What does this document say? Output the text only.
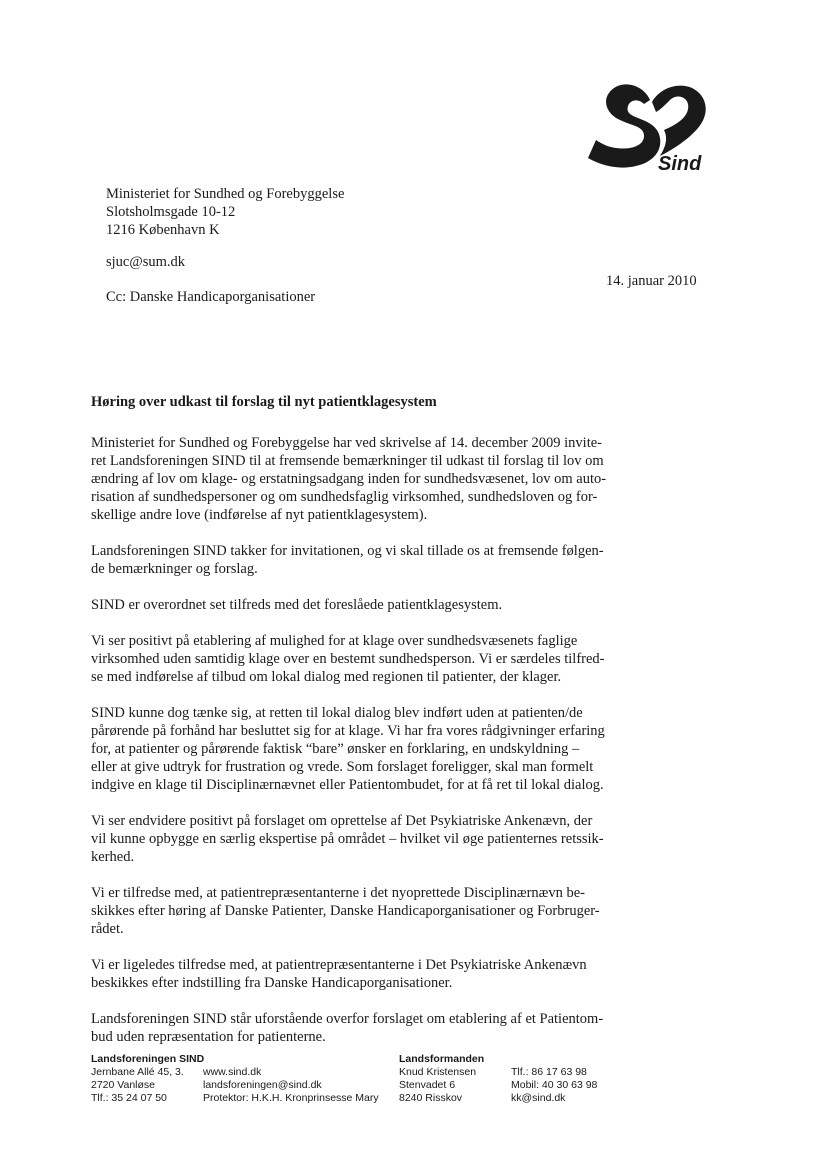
Sind
Ministeriet for Sundhed og Forebyggelse
Slotsholmsgade 10-12
1216 København K
sjuc@sum.dk
14. januar 2010
Cc: Danske Handicaporganisationer
Høring over udkast til forslag til nyt patientklagesystem

Ministeriet for Sundhed og Forebyggelse har ved skrivelse af 14. december 2009 invite-
ret Landsforeningen SIND til at fremsende bemærkninger til udkast til forslag til lov om
ændring af lov om klage- og erstatningsadgang inden for sundhedsvæsenet, lov om auto-
risation af sundhedspersoner og om sundhedsfaglig virksomhed, sundhedsloven og for-
skellige andre love (indførelse af nyt patientklagesystem).

Landsforeningen SIND takker for invitationen, og vi skal tillade os at fremsende følgen-
de bemærkninger og forslag.

SIND er overordnet set tilfreds med det foreslåede patientklagesystem.

Vi ser positivt på etablering af mulighed for at klage over sundhedsvæsenets faglige
virksomhed uden samtidig klage over en bestemt sundhedsperson. Vi er særdeles tilfred-
se med indførelse af tilbud om lokal dialog med regionen til patienter, der klager.

SIND kunne dog tænke sig, at retten til lokal dialog blev indført uden at patienten/de
pårørende på forhånd har besluttet sig for at klage. Vi har fra vores rådgivninger erfaring
for, at patienter og pårørende faktisk “bare” ønsker en forklaring, en undskyldning –
eller at give udtryk for frustration og vrede. Som forslaget foreligger, skal man formelt
indgive en klage til Disciplinærnævnet eller Patientombudet, for at få ret til lokal dialog.

Vi ser endvidere positivt på forslaget om oprettelse af Det Psykiatriske Ankenævn, der
vil kunne opbygge en særlig ekspertise på området – hvilket vil øge patienternes retssik-
kerhed.

Vi er tilfredse med, at patientrepræsentanterne i det nyoprettede Disciplinærnævn be-
skikkes efter høring af Danske Patienter, Danske Handicaporganisationer og Forbruger-
rådet.

Vi er ligeledes tilfredse med, at patientrepræsentanterne i Det Psykiatriske Ankenævn
beskikkes efter indstilling fra Danske Handicaporganisationer.

Landsforeningen SIND står uforstående overfor forslaget om etablering af et Patientom-
bud uden repræsentation for patienterne.

Landsforeningen SIND
Jernbane Allé 45, 3.
2720 Vanløse
Tlf.: 35 24 07 50
www.sind.dk
landsforeningen@sind.dk
Protektor: H.K.H. Kronprinsesse Mary
Landsformanden
Knud Kristensen
Stenvadet 6
8240 Risskov
Tlf.: 86 17 63 98
Mobil: 40 30 63 98
kk@sind.dk
